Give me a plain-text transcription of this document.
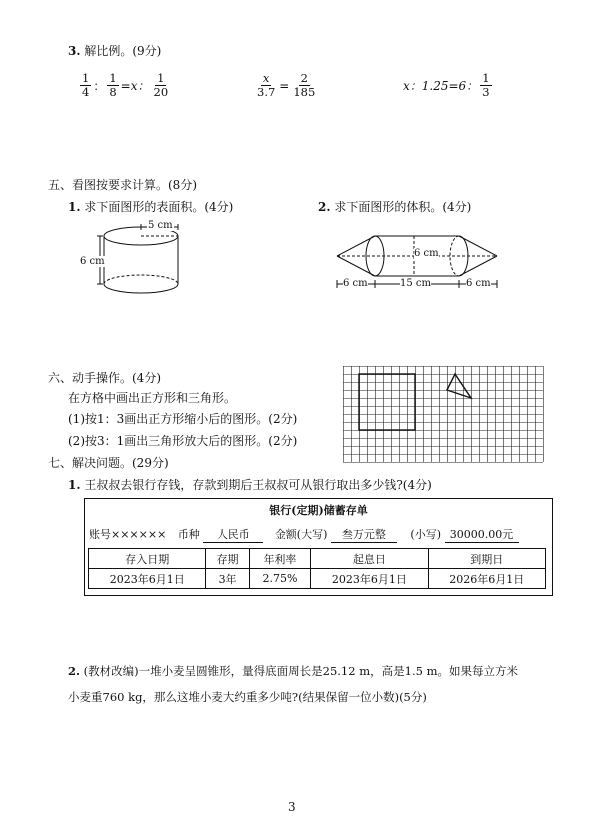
3. 解比例。(9分)
$\frac{1}{4}$ ： $\frac{1}{8} =x$： $\frac{1}{20}$	$\frac{x}{3.7} = \frac{2}{185}$	x：1.25=6： $\frac{1}{3}$
五、看图按要求计算。(8分)
1. 求下面图形的表面积。(4分)	2. 求下面图形的体积。(4分)
5 cm
6 cm
6 cm
6 cm	15 cm	6 cm
六、动手操作。(4分)
在方格中画出正方形和三角形。
(1)按1：3画出正方形缩小后的图形。(2分)
(2)按3：1画出三角形放大后的图形。(2分)
七、解决问题。(29分)
1. 王叔叔去银行存钱，存款到期后王叔叔可从银行取出多少钱?(4分)
银行(定期)储蓄存单
账号×××××× 币种 人民币 金额(大写) 叁万元整 (小写) 30000.00元
存入日期	存期	年利率	起息日	到期日
2023年6月1日	3年	2.75%	2023年6月1日	2026年6月1日
2. (教材改编)一堆小麦呈圆锥形，量得底面周长是25.12 m，高是1.5 m。如果每立方米
小麦重760 kg，那么这堆小麦大约重多少吨?(结果保留一位小数)(5分)
3
